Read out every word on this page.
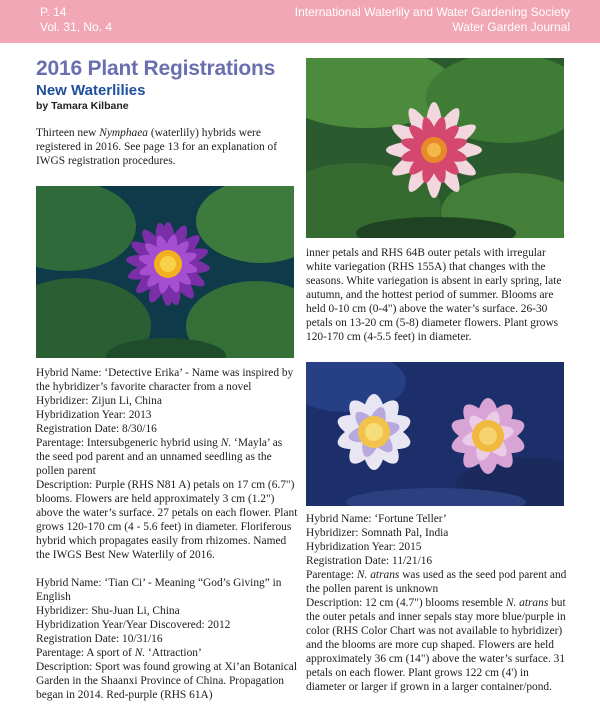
P. 14
Vol. 31, No. 4
International Waterlily and Water Gardening Society
Water Garden Journal
2016 Plant Registrations
New Waterlilies
by Tamara Kilbane

Thirteen new Nymphaea (waterlily) hybrids were registered in 2016. See page 13 for an explanation of IWGS registration procedures.

Hybrid Name: ‘Detective Erika’ - Name was inspired by the hybridizer’s favorite character from a novel

Hybridizer: Zijun Li, China

Hybridization Year: 2013

Registration Date: 8/30/16

Parentage: Intersubgeneric hybrid using N. ‘Mayla’ as the seed pod parent and an unnamed seedling as the pollen parent

Description: Purple (RHS N81 A) petals on 17 cm (6.7") blooms. Flowers are held approximately 3 cm (1.2") above the water’s surface. 27 petals on each flower. Plant grows 120-170 cm (4 - 5.6 feet) in diameter. Floriferous hybrid which propagates easily from rhizomes. Named the IWGS Best New Waterlily of 2016.

Hybrid Name: ‘Tian Ci’ - Meaning “God’s Giving” in English

Hybridizer: Shu-Juan Li, China

Hybridization Year/Year Discovered: 2012

Registration Date: 10/31/16

Parentage: A sport of N. ‘Attraction’

Description: Sport was found growing at Xi’an Botanical Garden in the Shaanxi Province of China. Propagation began in 2014. Red-purple (RHS 61A)

inner petals and RHS 64B outer petals with irregular white variegation (RHS 155A) that changes with the seasons. White variegation is absent in early spring, late autumn, and the hottest period of summer. Blooms are held 0-10 cm (0-4") above the water’s surface. 26-30 petals on 13-20 cm (5-8) diameter flowers. Plant grows 120-170 cm (4-5.5 feet) in diameter.

Hybrid Name: ‘Fortune Teller’

Hybridizer: Somnath Pal, India

Hybridization Year: 2015

Registration Date: 11/21/16

Parentage: N. atrans was used as the seed pod parent and the pollen parent is unknown

Description: 12 cm (4.7") blooms resemble N. atrans but the outer petals and inner sepals stay more blue/purple in color (RHS Color Chart was not available to hybridizer) and the blooms are more cup shaped. Flowers are held approximately 36 cm (14") above the water’s surface. 31 petals on each flower. Plant grows 122 cm (4') in diameter or larger if grown in a larger container/pond.
